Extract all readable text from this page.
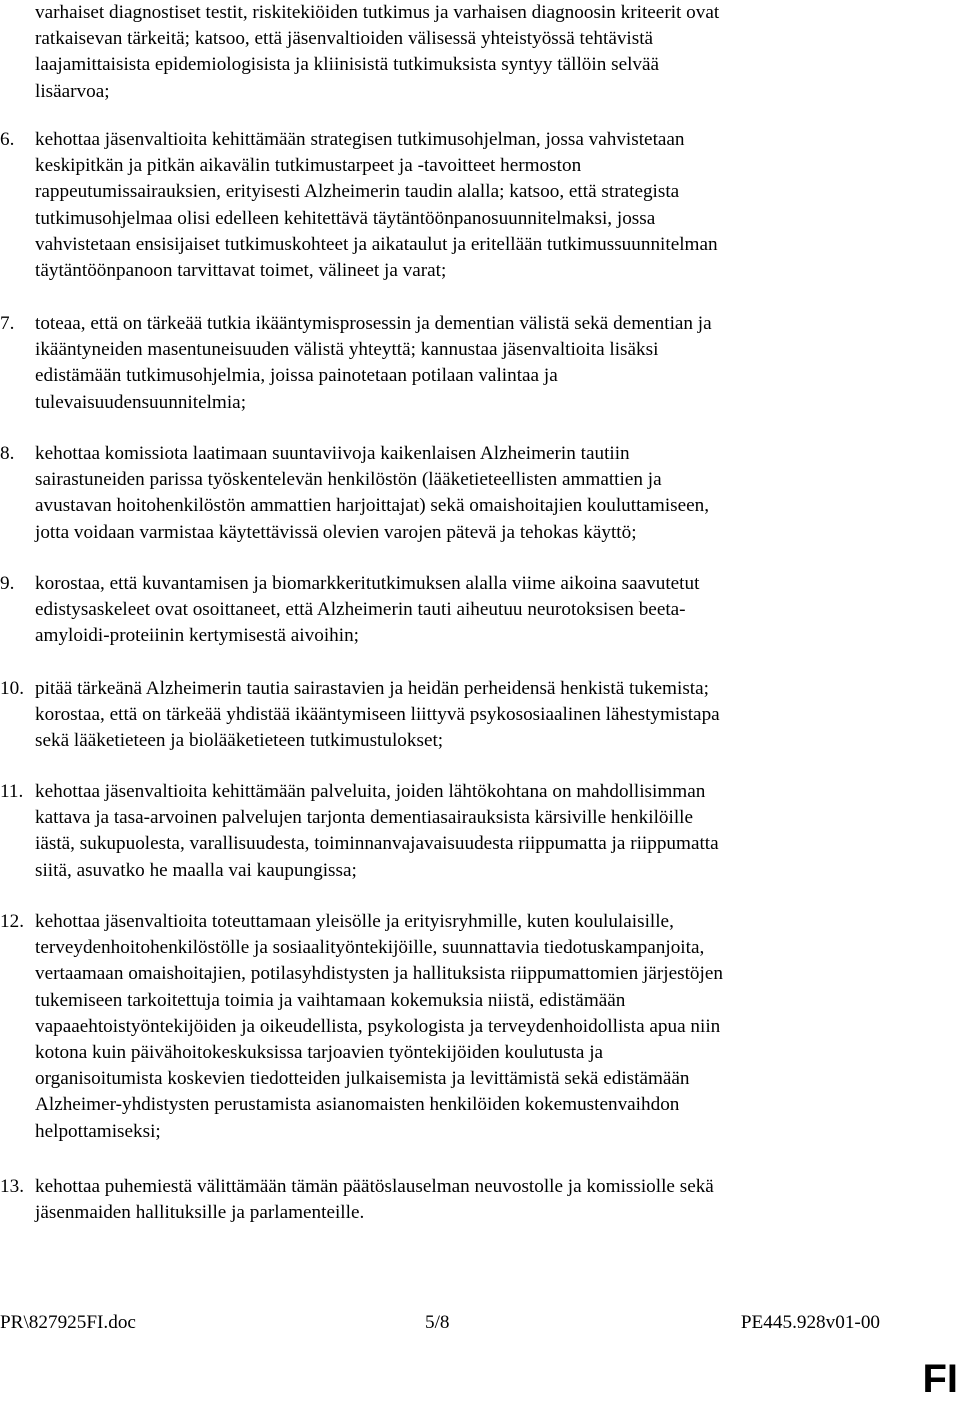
varhaiset diagnostiset testit, riskitekiöiden tutkimus ja varhaisen diagnoosin kriteerit ovat
ratkaisevan tärkeitä; katsoo, että jäsenvaltioiden välisessä yhteistyössä tehtävistä
laajamittaisista epidemiologisista ja kliinisistä tutkimuksista syntyy tällöin selvää
lisäarvoa;
6. kehottaa jäsenvaltioita kehittämään strategisen tutkimusohjelman, jossa vahvistetaan
keskipitkän ja pitkän aikavälin tutkimustarpeet ja -tavoitteet hermoston
rappeutumissairauksien, erityisesti Alzheimerin taudin alalla; katsoo, että strategista
tutkimusohjelmaa olisi edelleen kehitettävä täytäntöönpanosuunnitelmaksi, jossa
vahvistetaan ensisijaiset tutkimuskohteet ja aikataulut ja eritellään tutkimussuunnitelman
täytäntöönpanoon tarvittavat toimet, välineet ja varat;
7. toteaa, että on tärkeää tutkia ikääntymisprosessin ja dementian välistä sekä dementian ja
ikääntyneiden masentuneisuuden välistä yhteyttä; kannustaa jäsenvaltioita lisäksi
edistämään tutkimusohjelmia, joissa painotetaan potilaan valintaa ja
tulevaisuudensuunnitelmia;
8. kehottaa komissiota laatimaan suuntaviivoja kaikenlaisen Alzheimerin tautiin
sairastuneiden parissa työskentelevän henkilöstön (lääketieteellisten ammattien ja
avustavan hoitohenkilöstön ammattien harjoittajat) sekä omaishoitajien kouluttamiseen,
jotta voidaan varmistaa käytettävissä olevien varojen pätevä ja tehokas käyttö;
9. korostaa, että kuvantamisen ja biomarkkeritutkimuksen alalla viime aikoina saavutetut
edistysaskeleet ovat osoittaneet, että Alzheimerin tauti aiheutuu neurotoksisen beeta-
amyloidi-proteiinin kertymisestä aivoihin;
10. pitää tärkeänä Alzheimerin tautia sairastavien ja heidän perheidensä henkistä tukemista;
korostaa, että on tärkeää yhdistää ikääntymiseen liittyvä psykososiaalinen lähestymistapa
sekä lääketieteen ja biolääketieteen tutkimustulokset;
11. kehottaa jäsenvaltioita kehittämään palveluita, joiden lähtökohtana on mahdollisimman
kattava ja tasa-arvoinen palvelujen tarjonta dementiasairauksista kärsiville henkilöille
iästä, sukupuolesta, varallisuudesta, toiminnanvajavaisuudesta riippumatta ja riippumatta
siitä, asuvatko he maalla vai kaupungissa;
12. kehottaa jäsenvaltioita toteuttamaan yleisölle ja erityisryhmille, kuten koululaisille,
terveydenhoitohenkilöstölle ja sosiaalityöntekijöille, suunnattavia tiedotuskampanjoita,
vertaamaan omaishoitajien, potilasyhdistysten ja hallituksista riippumattomien järjestöjen
tukemiseen tarkoitettuja toimia ja vaihtamaan kokemuksia niistä, edistämään
vapaaehtoistyöntekijöiden ja oikeudellista, psykologista ja terveydenhoidollista apua niin
kotona kuin päivähoitokeskuksissa tarjoavien työntekijöiden koulutusta ja
organisoitumista koskevien tiedotteiden julkaisemista ja levittämistä sekä edistämään
Alzheimer-yhdistysten perustamista asianomaisten henkilöiden kokemustenvaihdon
helpottamiseksi;
13. kehottaa puhemiestä välittämään tämän päätöslauselman neuvostolle ja komissiolle sekä
jäsenmaiden hallituksille ja parlamenteille.
PR\827925FI.doc	5/8	PE445.928v01-00
FI
